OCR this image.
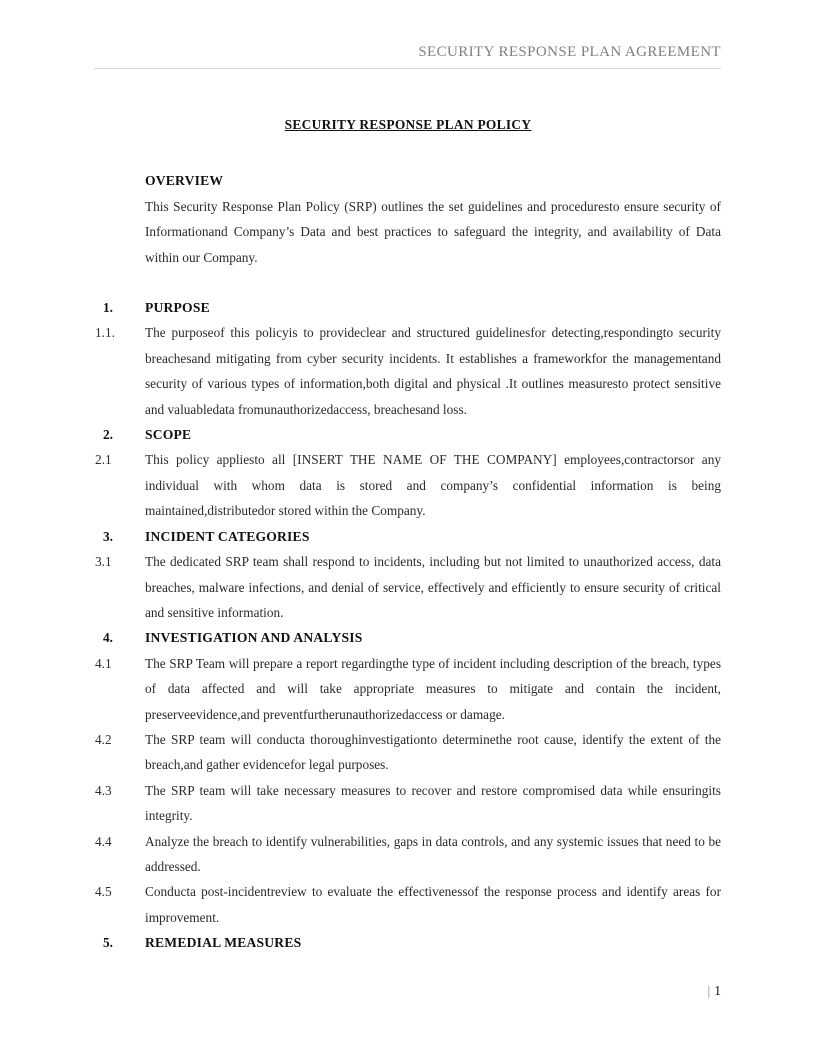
SECURITY RESPONSE PLAN AGREEMENT
SECURITY RESPONSE PLAN POLICY
OVERVIEW

This Security Response Plan Policy (SRP) outlines the set guidelines and proceduresto ensure security of Informationand Company’s Data and best practices to safeguard the integrity, and availability of Data within our Company.

1.	PURPOSE
1.1.	The purposeof this policyis to provideclear and structured guidelinesfor detecting,respondingto security breachesand mitigating from cyber security incidents. It establishes a frameworkfor the managementand security of various types of information,both digital and physical .It outlines measuresto protect sensitive and valuabledata fromunauthorizedaccess, breachesand loss.

2.	SCOPE
2.1	This policy appliesto all [INSERT THE NAME OF THE COMPANY] employees,contractorsor any individual with whom data is stored and company’s confidential information is being maintained,distributedor stored within the Company.

3.	INCIDENT CATEGORIES
3.1	The dedicated SRP team shall respond to incidents, including but not limited to unauthorized access, data breaches, malware infections, and denial of service, effectively and efficiently to ensure security of critical and sensitive information.

4.	INVESTIGATION AND ANALYSIS
4.1	The SRP Team will prepare a report regardingthe type of incident including description of the breach, types of data affected and will take appropriate measures to mitigate and contain the incident, preserveevidence,and preventfurtherunauthorizedaccess or damage.

4.2	The SRP team will conducta thoroughinvestigationto determinethe root cause, identify the extent of the breach,and gather evidencefor legal purposes.

4.3	The SRP team will take necessary measures to recover and restore compromised data while ensuringits integrity.

4.4	Analyze the breach to identify vulnerabilities, gaps in data controls, and any systemic issues that need to be addressed.

4.5	Conducta post-incidentreview to evaluate the effectivenessof the response process and identify areas for improvement.

5.	REMEDIAL MEASURES
| 1
